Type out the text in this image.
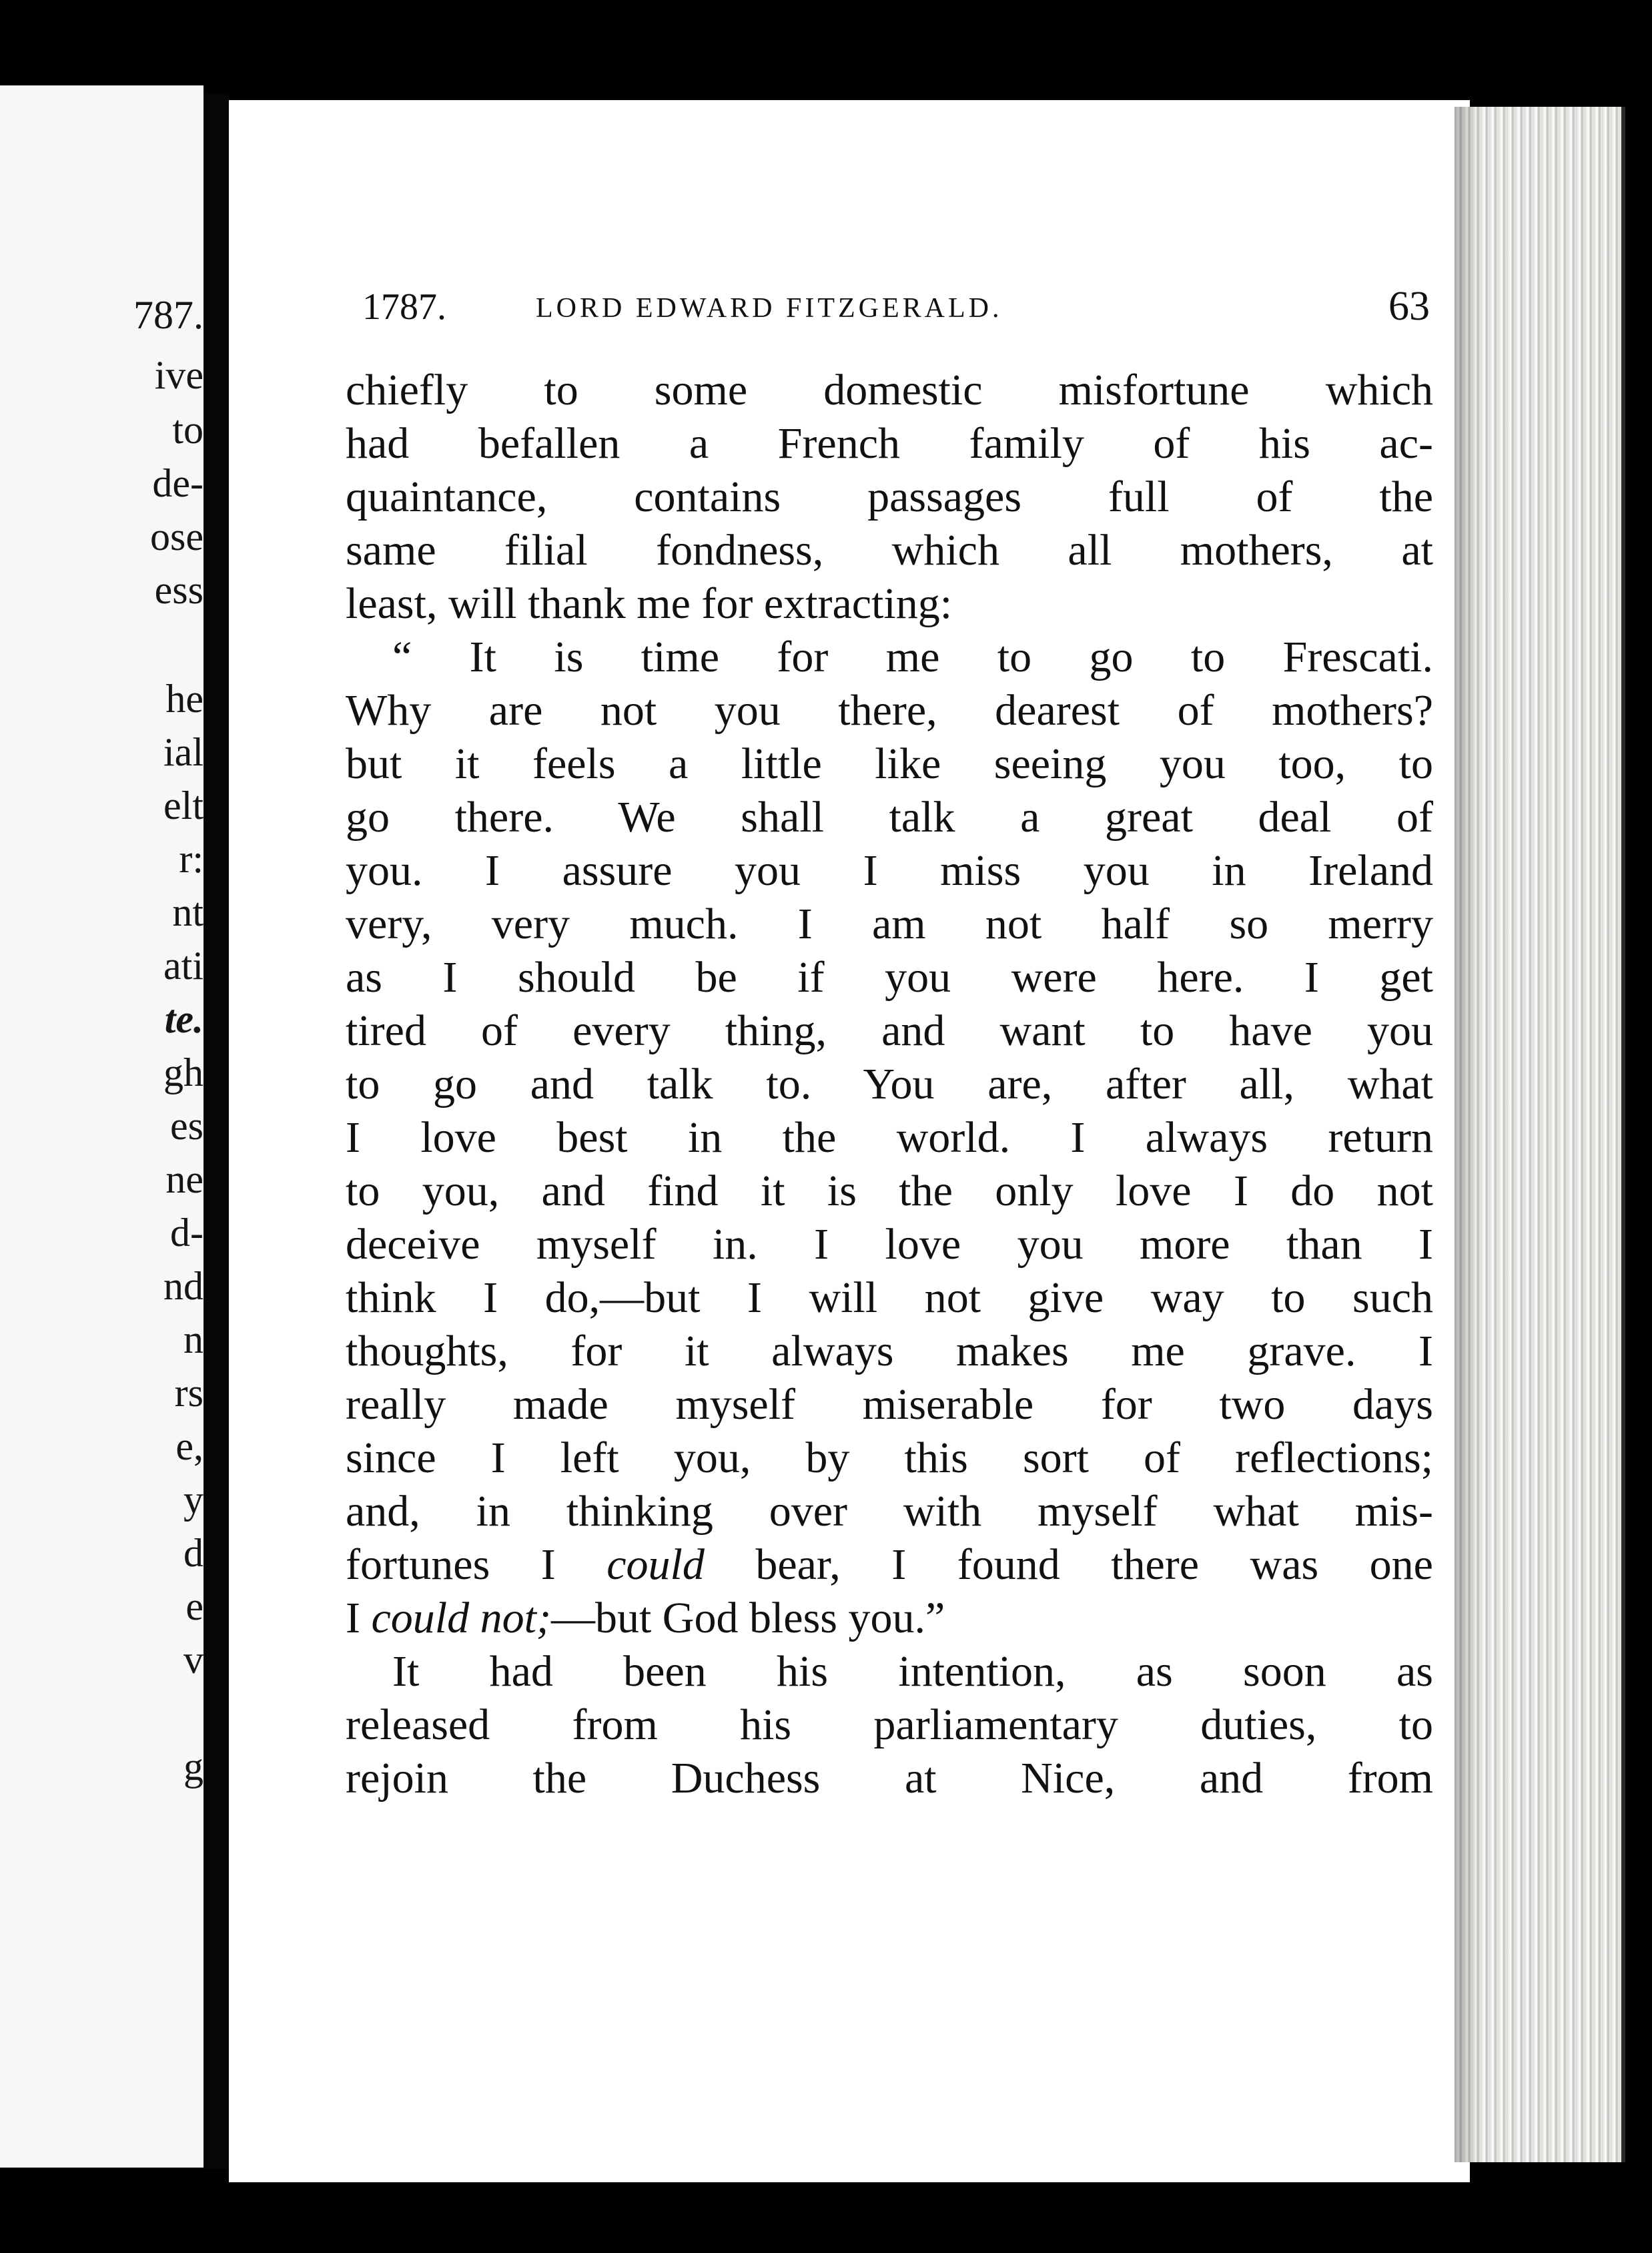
787.
ive
to
de-
ose
ess
he
ial
elt
r:
nt
ati
te.
gh
es
ne
d-
nd
n
rs
e,
y
d
e
v
g
1787.	LORD EDWARD FITZGERALD.	63

chiefly to some domestic misfortune which
had befallen a French family of his ac-
quaintance, contains passages full of the
same filial fondness, which all mothers, at
least, will thank me for extracting:

“ It is time for me to go to Frescati.
Why are not you there, dearest of mothers?
but it feels a little like seeing you too, to
go there. We shall talk a great deal of
you. I assure you I miss you in Ireland
very, very much. I am not half so merry
as I should be if you were here. I get
tired of every thing, and want to have you
to go and talk to. You are, after all, what
I love best in the world. I always return
to you, and find it is the only love I do not
deceive myself in. I love you more than I
think I do,—but I will not give way to such
thoughts, for it always makes me grave. I
really made myself miserable for two days
since I left you, by this sort of reflections;
and, in thinking over with myself what mis-
fortunes I could bear, I found there was one
I could not;—but God bless you.”

It had been his intention, as soon as
released from his parliamentary duties, to
rejoin the Duchess at Nice, and from
